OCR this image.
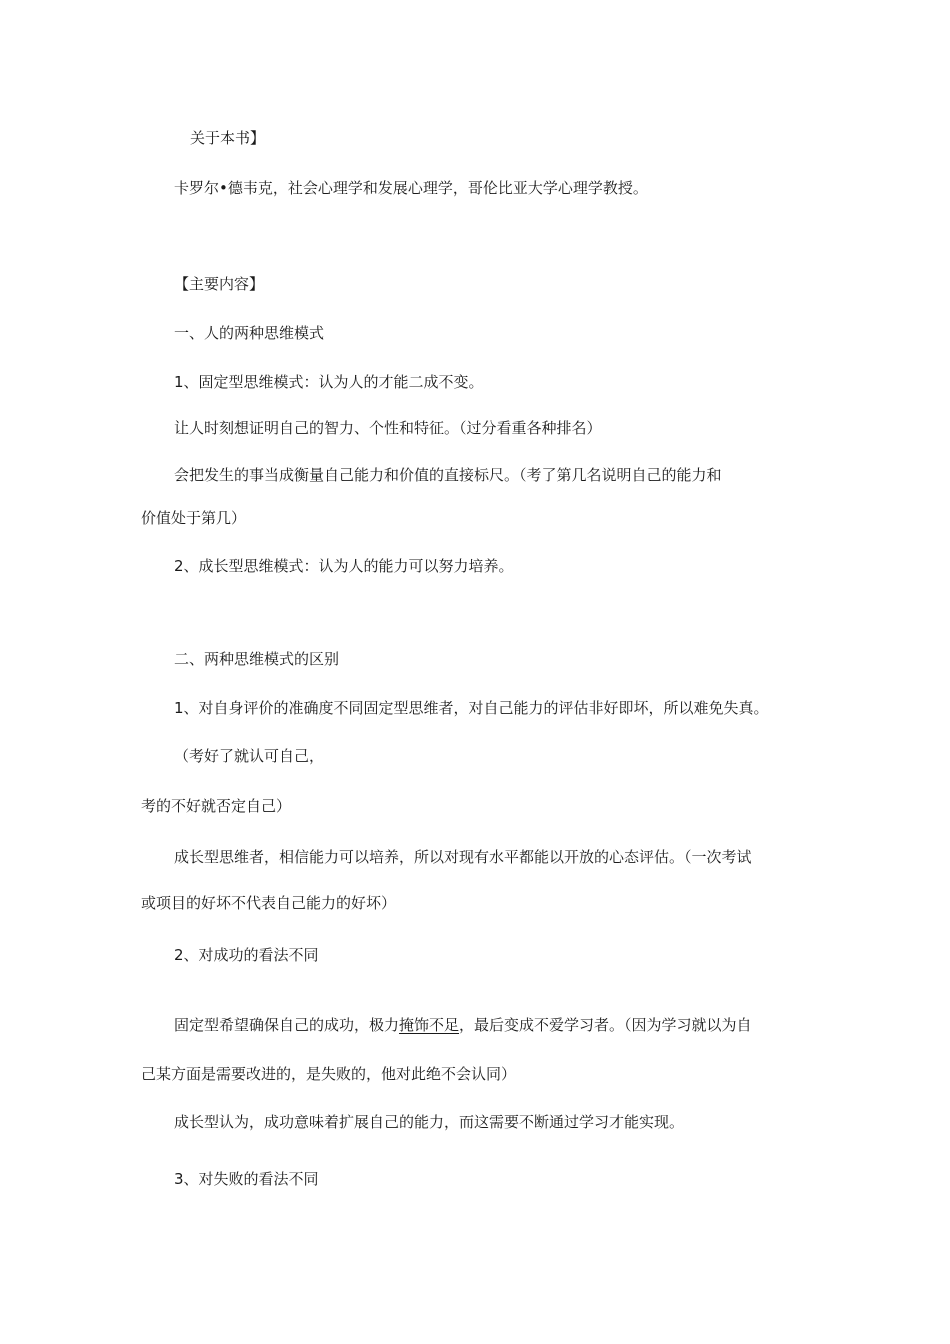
关于本书】

卡罗尔•德韦克，社会心理学和发展心理学，哥伦比亚大学心理学教授。

【主要内容】

一、人的两种思维模式

1、固定型思维模式：认为人的才能二成不变。

让人时刻想证明自己的智力、个性和特征。（过分看重各种排名）

会把发生的事当成衡量自己能力和价值的直接标尺。（考了第几名说明自己的能力和

价值处于第几）

2、成长型思维模式：认为人的能力可以努力培养。

二、两种思维模式的区别

1、对自身评价的准确度不同固定型思维者，对自己能力的评估非好即坏，所以难免失真。

（考好了就认可自己，

考的不好就否定自己）

成长型思维者，相信能力可以培养，所以对现有水平都能以开放的心态评估。（一次考试

或项目的好坏不代表自己能力的好坏）

2、对成功的看法不同

固定型希望确保自己的成功，极力掩饰不足，最后变成不爱学习者。（因为学习就以为自

己某方面是需要改进的，是失败的，他对此绝不会认同）

成长型认为，成功意味着扩展自己的能力，而这需要不断通过学习才能实现。

3、对失败的看法不同
